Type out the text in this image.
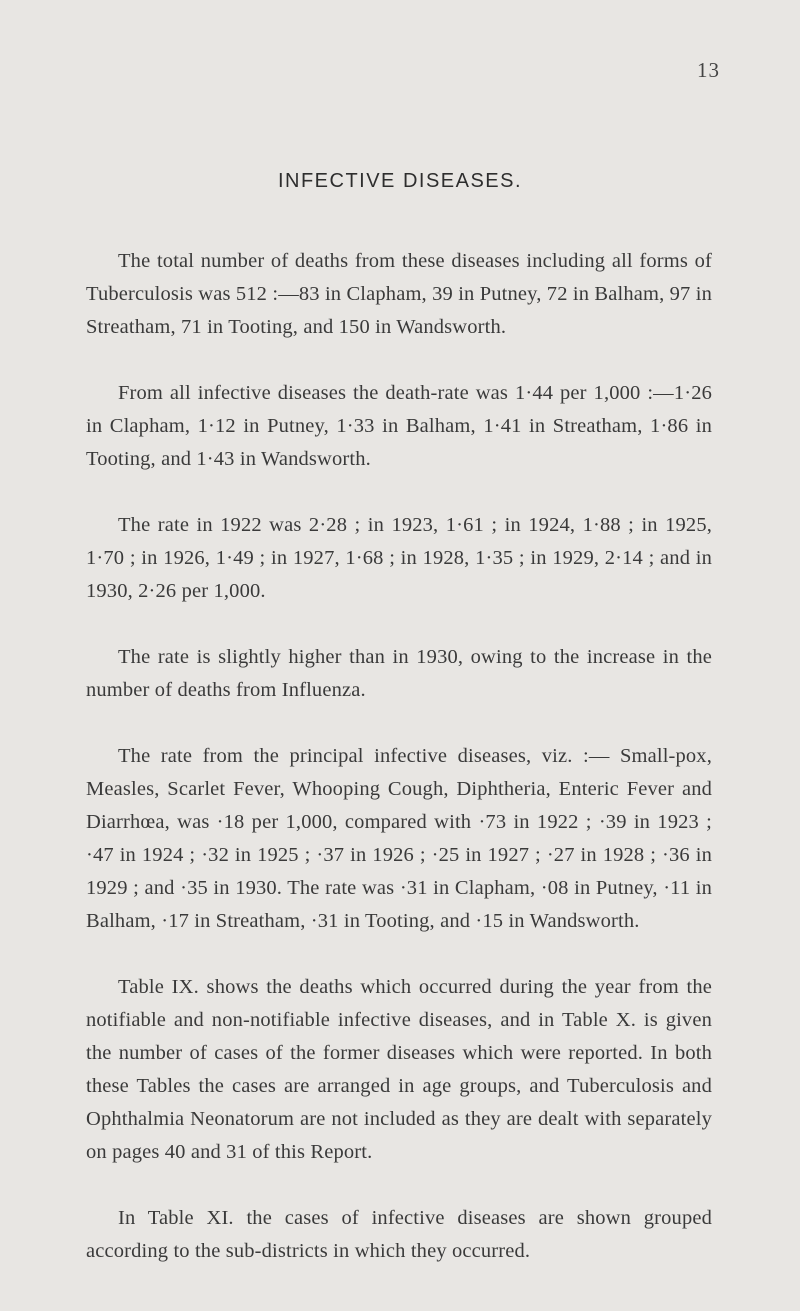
13
INFECTIVE DISEASES.

The total number of deaths from these diseases including all forms of Tuberculosis was 512 :—83 in Clapham, 39 in Putney, 72 in Balham, 97 in Streatham, 71 in Tooting, and 150 in Wandsworth.

From all infective diseases the death-rate was 1·44 per 1,000 :—1·26 in Clapham, 1·12 in Putney, 1·33 in Balham, 1·41 in Streatham, 1·86 in Tooting, and 1·43 in Wandsworth.

The rate in 1922 was 2·28 ; in 1923, 1·61 ; in 1924, 1·88 ; in 1925, 1·70 ; in 1926, 1·49 ; in 1927, 1·68 ; in 1928, 1·35 ; in 1929, 2·14 ; and in 1930, 2·26 per 1,000.

The rate is slightly higher than in 1930, owing to the increase in the number of deaths from Influenza.

The rate from the principal infective diseases, viz. :— Small-pox, Measles, Scarlet Fever, Whooping Cough, Diphtheria, Enteric Fever and Diarrhœa, was ·18 per 1,000, compared with ·73 in 1922 ; ·39 in 1923 ; ·47 in 1924 ; ·32 in 1925 ; ·37 in 1926 ; ·25 in 1927 ; ·27 in 1928 ; ·36 in 1929 ; and ·35 in 1930. The rate was ·31 in Clapham, ·08 in Putney, ·11 in Balham, ·17 in Streatham, ·31 in Tooting, and ·15 in Wandsworth.

Table IX. shows the deaths which occurred during the year from the notifiable and non-notifiable infective diseases, and in Table X. is given the number of cases of the former diseases which were reported. In both these Tables the cases are arranged in age groups, and Tuberculosis and Ophthalmia Neonatorum are not included as they are dealt with separately on pages 40 and 31 of this Report.

In Table XI. the cases of infective diseases are shown grouped according to the sub-districts in which they occurred.
